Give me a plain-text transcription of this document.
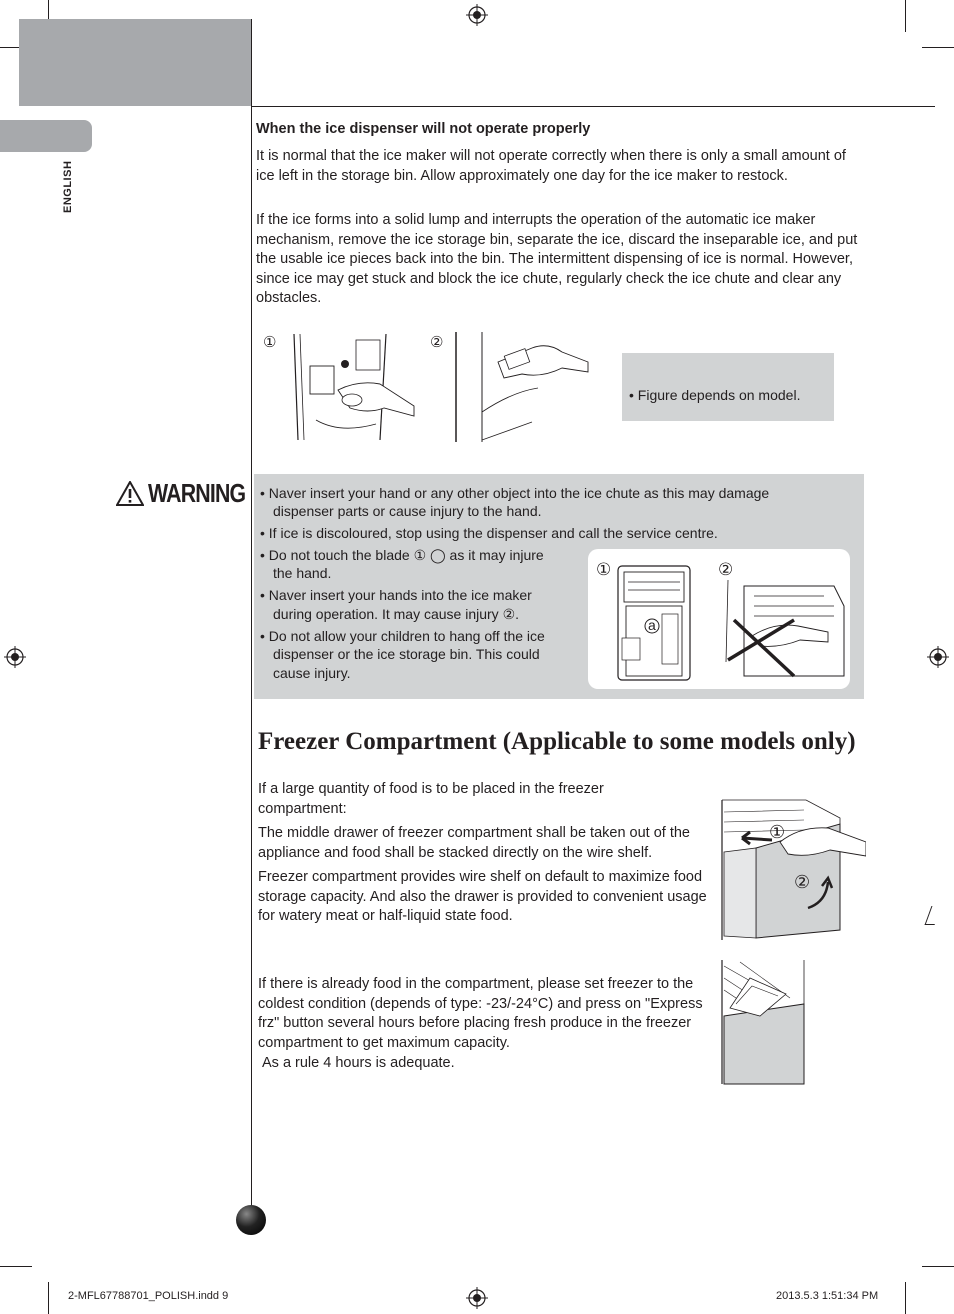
ENGLISH
When the ice dispenser will not operate properly
It is normal that the ice maker will not operate correctly when there is only a small amount of ice left in the storage bin. Allow approximately one day for the ice maker to restock.
If the ice forms into a solid lump and interrupts the operation of the automatic ice maker mechanism, remove the ice storage bin, separate the ice, discard the inseparable ice, and put the usable ice pieces back into the bin. The intermittent dispensing of ice is normal. However, since ice may get stuck and block the ice chute, regularly check the ice chute and clear any obstacles.
①	②
• Figure depends on model.
WARNING • Naver insert your hand or any other object into the ice chute as this may damage
dispenser parts or cause injury to the hand.
• If ice is discoloured, stop using the dispenser and call the service centre.
• Do not touch the blade ① ◯ as it may injure
the hand.
• Naver insert your hands into the ice maker
during operation. It may cause injury ②.
• Do not allow your children to hang off the ice
dispenser or the ice storage bin. This could
cause injury.
①	②
a
Freezer Compartment (Applicable to some models only)
If a large quantity of food is to be placed in the freezer compartment:
The middle drawer of freezer compartment shall be taken out of the appliance and food shall be stacked directly on the wire shelf.
Freezer compartment provides wire shelf on default to maximize food storage capacity. And also the drawer is provided to convenient usage for watery meat or half-liquid state food.
If there is already food in the compartment, please set freezer to the coldest condition (depends of type: -23/-24°C) and press on "Express frz" button several hours before placing fresh produce in the freezer compartment to get maximum capacity.
As a rule 4 hours is adequate.
①
②
2-MFL67788701_POLISH.indd 9	2013.5.3 1:51:34 PM
